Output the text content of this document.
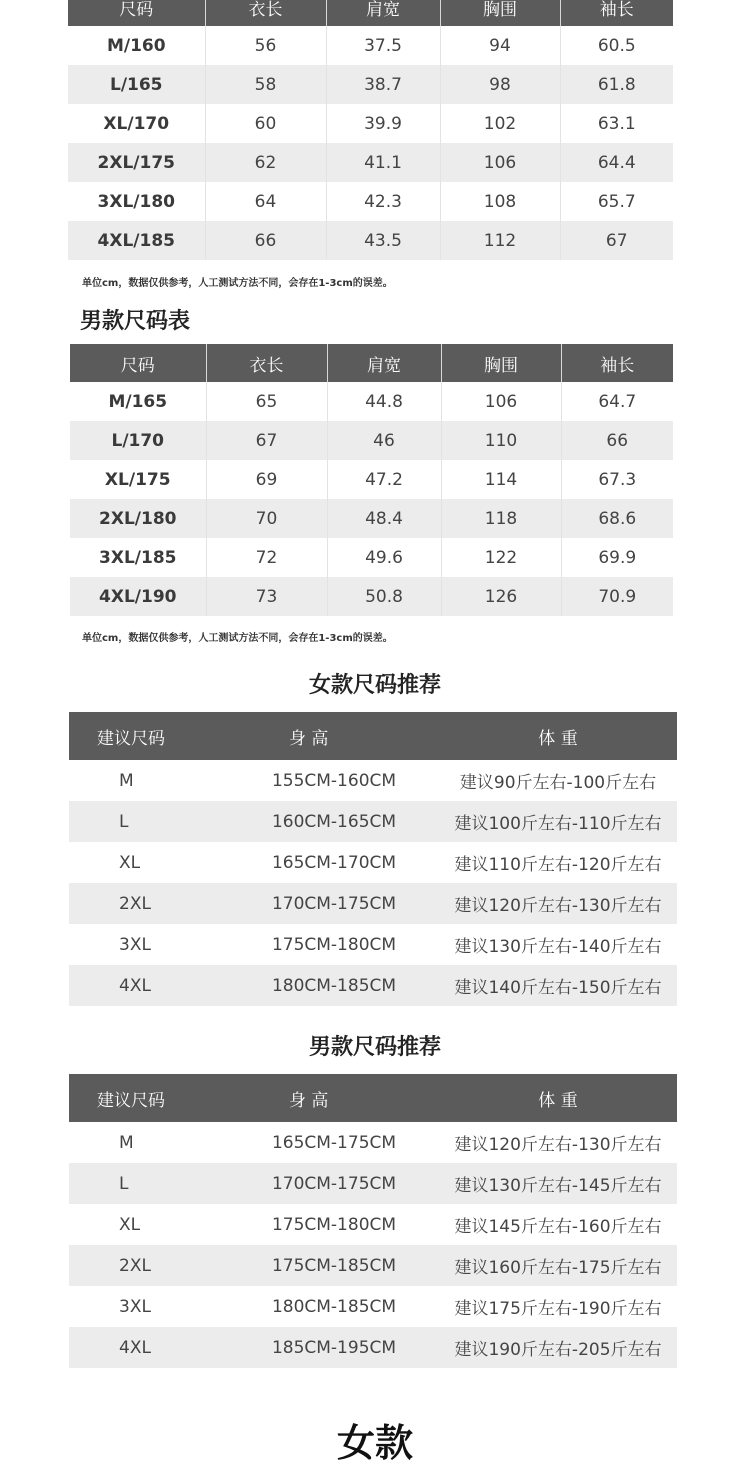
尺码	衣长	肩宽	胸围	袖长
M/160	56	37.5	94	60.5
L/165	58	38.7	98	61.8
XL/170	60	39.9	102	63.1
2XL/175	62	41.1	106	64.4
3XL/180	64	42.3	108	65.7
4XL/185	66	43.5	112	67
单位cm，数据仅供参考，人工测试方法不同，会存在1-3cm的误差。
男款尺码表
尺码	衣长	肩宽	胸围	袖长
M/165	65	44.8	106	64.7
L/170	67	46	110	66
XL/175	69	47.2	114	67.3
2XL/180	70	48.4	118	68.6
3XL/185	72	49.6	122	69.9
4XL/190	73	50.8	126	70.9
单位cm，数据仅供参考，人工测试方法不同，会存在1-3cm的误差。
女款尺码推荐
建议尺码	身 高	体 重
M	155CM-160CM	建议90斤左右-100斤左右
L	160CM-165CM	建议100斤左右-110斤左右
XL	165CM-170CM	建议110斤左右-120斤左右
2XL	170CM-175CM	建议120斤左右-130斤左右
3XL	175CM-180CM	建议130斤左右-140斤左右
4XL	180CM-185CM	建议140斤左右-150斤左右
男款尺码推荐
建议尺码	身 高	体 重
M	165CM-175CM	建议120斤左右-130斤左右
L	170CM-175CM	建议130斤左右-145斤左右
XL	175CM-180CM	建议145斤左右-160斤左右
2XL	175CM-185CM	建议160斤左右-175斤左右
3XL	180CM-185CM	建议175斤左右-190斤左右
4XL	185CM-195CM	建议190斤左右-205斤左右
女款
